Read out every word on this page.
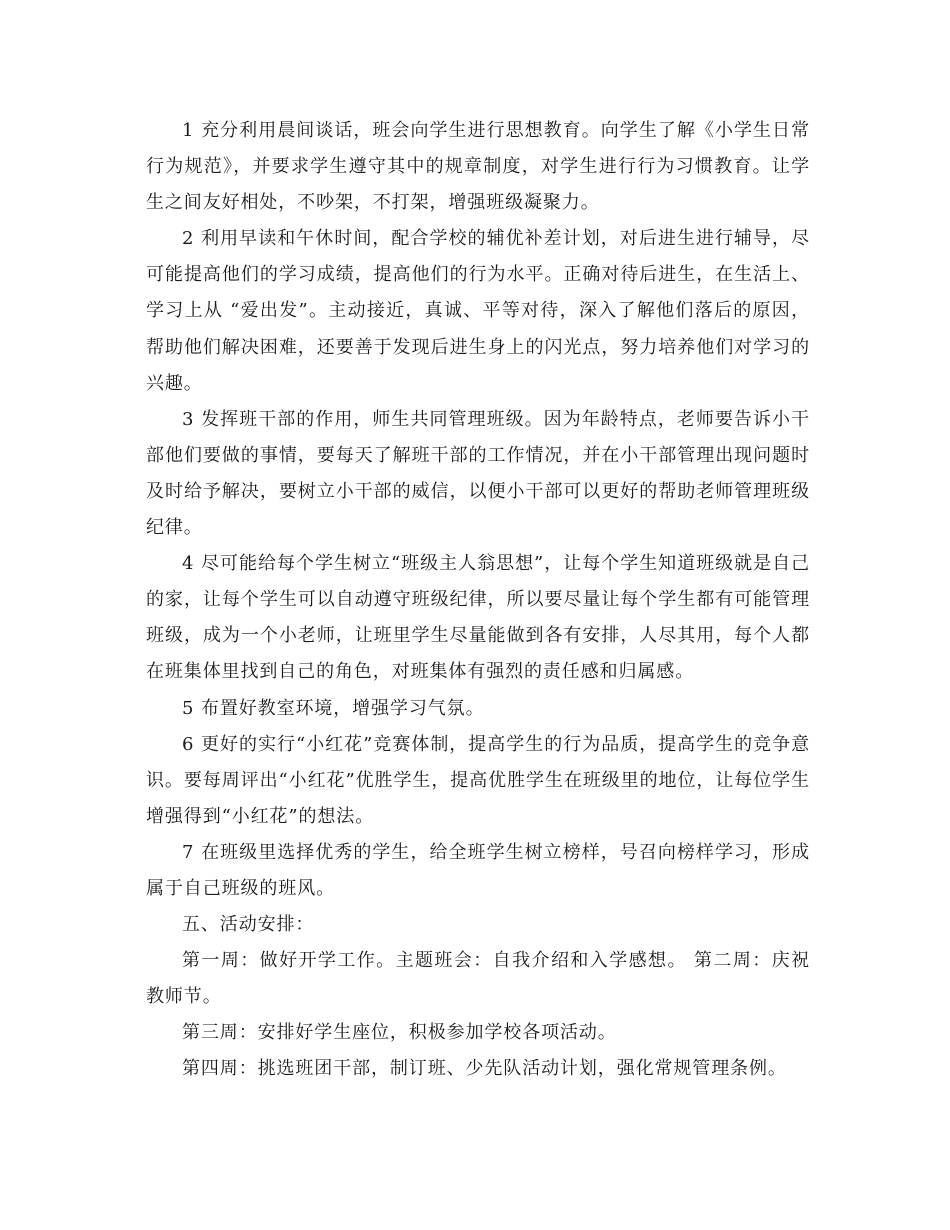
1 充分利用晨间谈话，班会向学生进行思想教育。向学生了解《小学生日常行为规范》，并要求学生遵守其中的规章制度，对学生进行行为习惯教育。让学生之间友好相处，不吵架，不打架，增强班级凝聚力。

2 利用早读和午休时间，配合学校的辅优补差计划，对后进生进行辅导，尽可能提高他们的学习成绩，提高他们的行为水平。正确对待后进生，在生活上、学习上从 “爱出发”。主动接近，真诚、平等对待，深入了解他们落后的原因，帮助他们解决困难，还要善于发现后进生身上的闪光点，努力培养他们对学习的兴趣。

3 发挥班干部的作用，师生共同管理班级。因为年龄特点，老师要告诉小干部他们要做的事情，要每天了解班干部的工作情况，并在小干部管理出现问题时及时给予解决，要树立小干部的威信，以便小干部可以更好的帮助老师管理班级纪律。

4 尽可能给每个学生树立“班级主人翁思想”，让每个学生知道班级就是自己的家，让每个学生可以自动遵守班级纪律，所以要尽量让每个学生都有可能管理班级，成为一个小老师，让班里学生尽量能做到各有安排，人尽其用，每个人都在班集体里找到自己的角色，对班集体有强烈的责任感和归属感。

5 布置好教室环境，增强学习气氛。

6 更好的实行“小红花”竞赛体制，提高学生的行为品质，提高学生的竞争意识。要每周评出“小红花”优胜学生，提高优胜学生在班级里的地位，让每位学生增强得到“小红花”的想法。

7 在班级里选择优秀的学生，给全班学生树立榜样，号召向榜样学习，形成属于自己班级的班风。

五、活动安排：

第一周：做好开学工作。主题班会：自我介绍和入学感想。 第二周：庆祝教师节。

第三周：安排好学生座位，积极参加学校各项活动。

第四周：挑选班团干部，制订班、少先队活动计划，强化常规管理条例。
